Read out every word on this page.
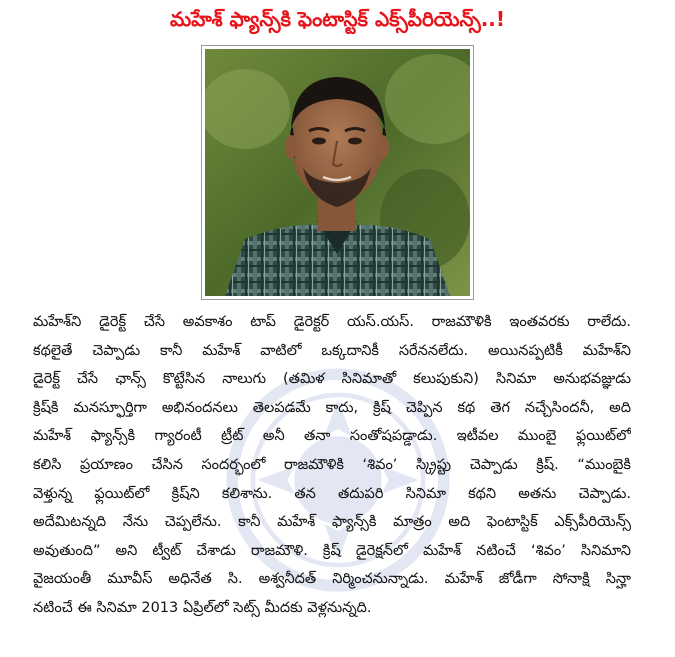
మహేశ్ ఫ్యాన్స్‌కి ఫెంటాస్టిక్ ఎక్స్‌పీరియెన్స్..!

మహేశ్‌ని డైరెక్ట్ చేసే అవకాశం టాప్ డైరెక్టర్ యస్.యస్. రాజమౌళికి ఇంతవరకు రాలేదు.

కథలైతే చెప్పాడు కానీ మహేశ్ వాటిలో ఒక్కదానికీ సరేననలేదు. అయినప్పటికీ మహేశ్‌ని

డైరెక్ట్ చేసే ఛాన్స్ కొట్టేసిన నాలుగు (తమిళ సినిమాతో కలుపుకుని) సినిమా అనుభవజ్ఞుడు

క్రిష్‌కి మనస్ఫూర్తిగా అభినందనలు తెలపడమే కాదు, క్రిష్ చెప్పిన కథ తెగ నచ్చేసిందనీ, అది

మహేశ్ ఫ్యాన్స్‌కి గ్యారంటీ ట్రీట్ అనీ తనా సంతోషపడ్డాడు. ఇటీవల ముంబై ఫ్లయిట్‌లో

కలిసి ప్రయాణం చేసిన సందర్భంలో రాజమౌళికి ‘శివం’ స్క్రిప్టు చెప్పాడు క్రిష్. “ముంబైకి

వెళ్తున్న ఫ్లయిట్‌లో క్రిష్‌ని కలిశాను. తన తదుపరి సినిమా కథని అతను చెప్పాడు.

అదేమిటన్నది నేను చెప్పలేను. కానీ మహేశ్ ఫ్యాన్స్‌కి మాత్రం అది ఫెంటాస్టిక్ ఎక్స్‌పీరియెన్స్

అవుతుంది” అని ట్వీట్ చేశాడు రాజమౌళి. క్రిష్ డైరెక్షన్‌లో మహేశ్ నటించే ‘శివం’ సినిమాని

వైజయంతీ మూవీస్ అధినేత సి. అశ్వనీదత్ నిర్మించనున్నాడు. మహేశ్ జోడీగా సోనాక్షి సిన్హా

నటించే ఈ సినిమా 2013 ఏప్రిల్‌లో సెట్స్ మీదకు వెళ్లనున్నది.
